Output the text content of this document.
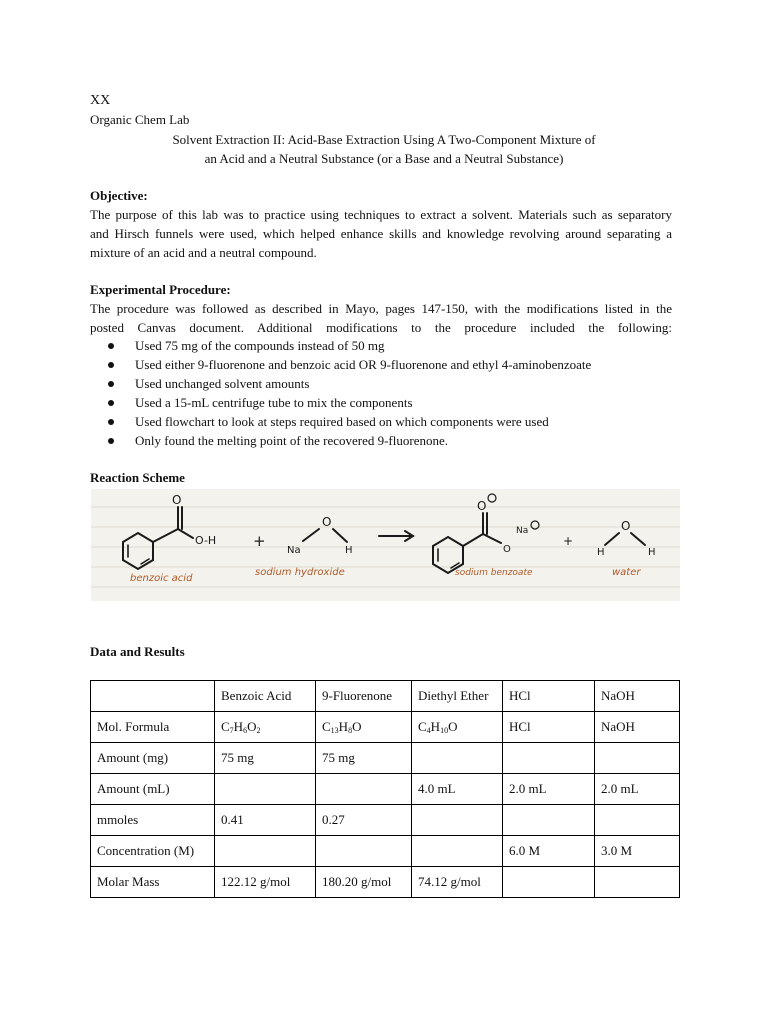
XX
Organic Chem Lab
Solvent Extraction II: Acid-Base Extraction Using A Two-Component Mixture of
an Acid and a Neutral Substance (or a Base and a Neutral Substance)
Objective:
The purpose of this lab was to practice using techniques to extract a solvent. Materials such as separatory
and Hirsch funnels were used, which helped enhance skills and knowledge revolving around separating a
mixture of an acid and a neutral compound.
Experimental Procedure:
The procedure was followed as described in Mayo, pages 147-150, with the modifications listed in the
posted Canvas document. Additional modifications to the procedure included the following:
Used 75 mg of the compounds instead of 50 mg
Used either 9-fluorenone and benzoic acid OR 9-fluorenone and ethyl 4-aminobenzoate
Used unchanged solvent amounts
Used a 15-mL centrifuge tube to mix the components
Used flowchart to look at steps required based on which components were used
Only found the melting point of the recovered 9-fluorenone.
Reaction Scheme
O
O-H +
O
Na	H
O
O
Na
+
O
H	H
benzoic acid
sodium hydroxide	sodium benzoate	water
Data and Results
	Benzoic Acid	9-Fluorenone	Diethyl Ether	HCl	NaOH
Mol. Formula	$C_7H_6O_2$	$C_{13}H_8O$	$C_4H_{10}O$	HCl	NaOH
Amount (mg)	75 mg	75 mg			
Amount (mL)			4.0 mL	2.0 mL	2.0 mL
mmoles	0.41	0.27			
Concentration (M)				6.0 M	3.0 M
Molar Mass	122.12 g/mol	180.20 g/mol	74.12 g/mol		
